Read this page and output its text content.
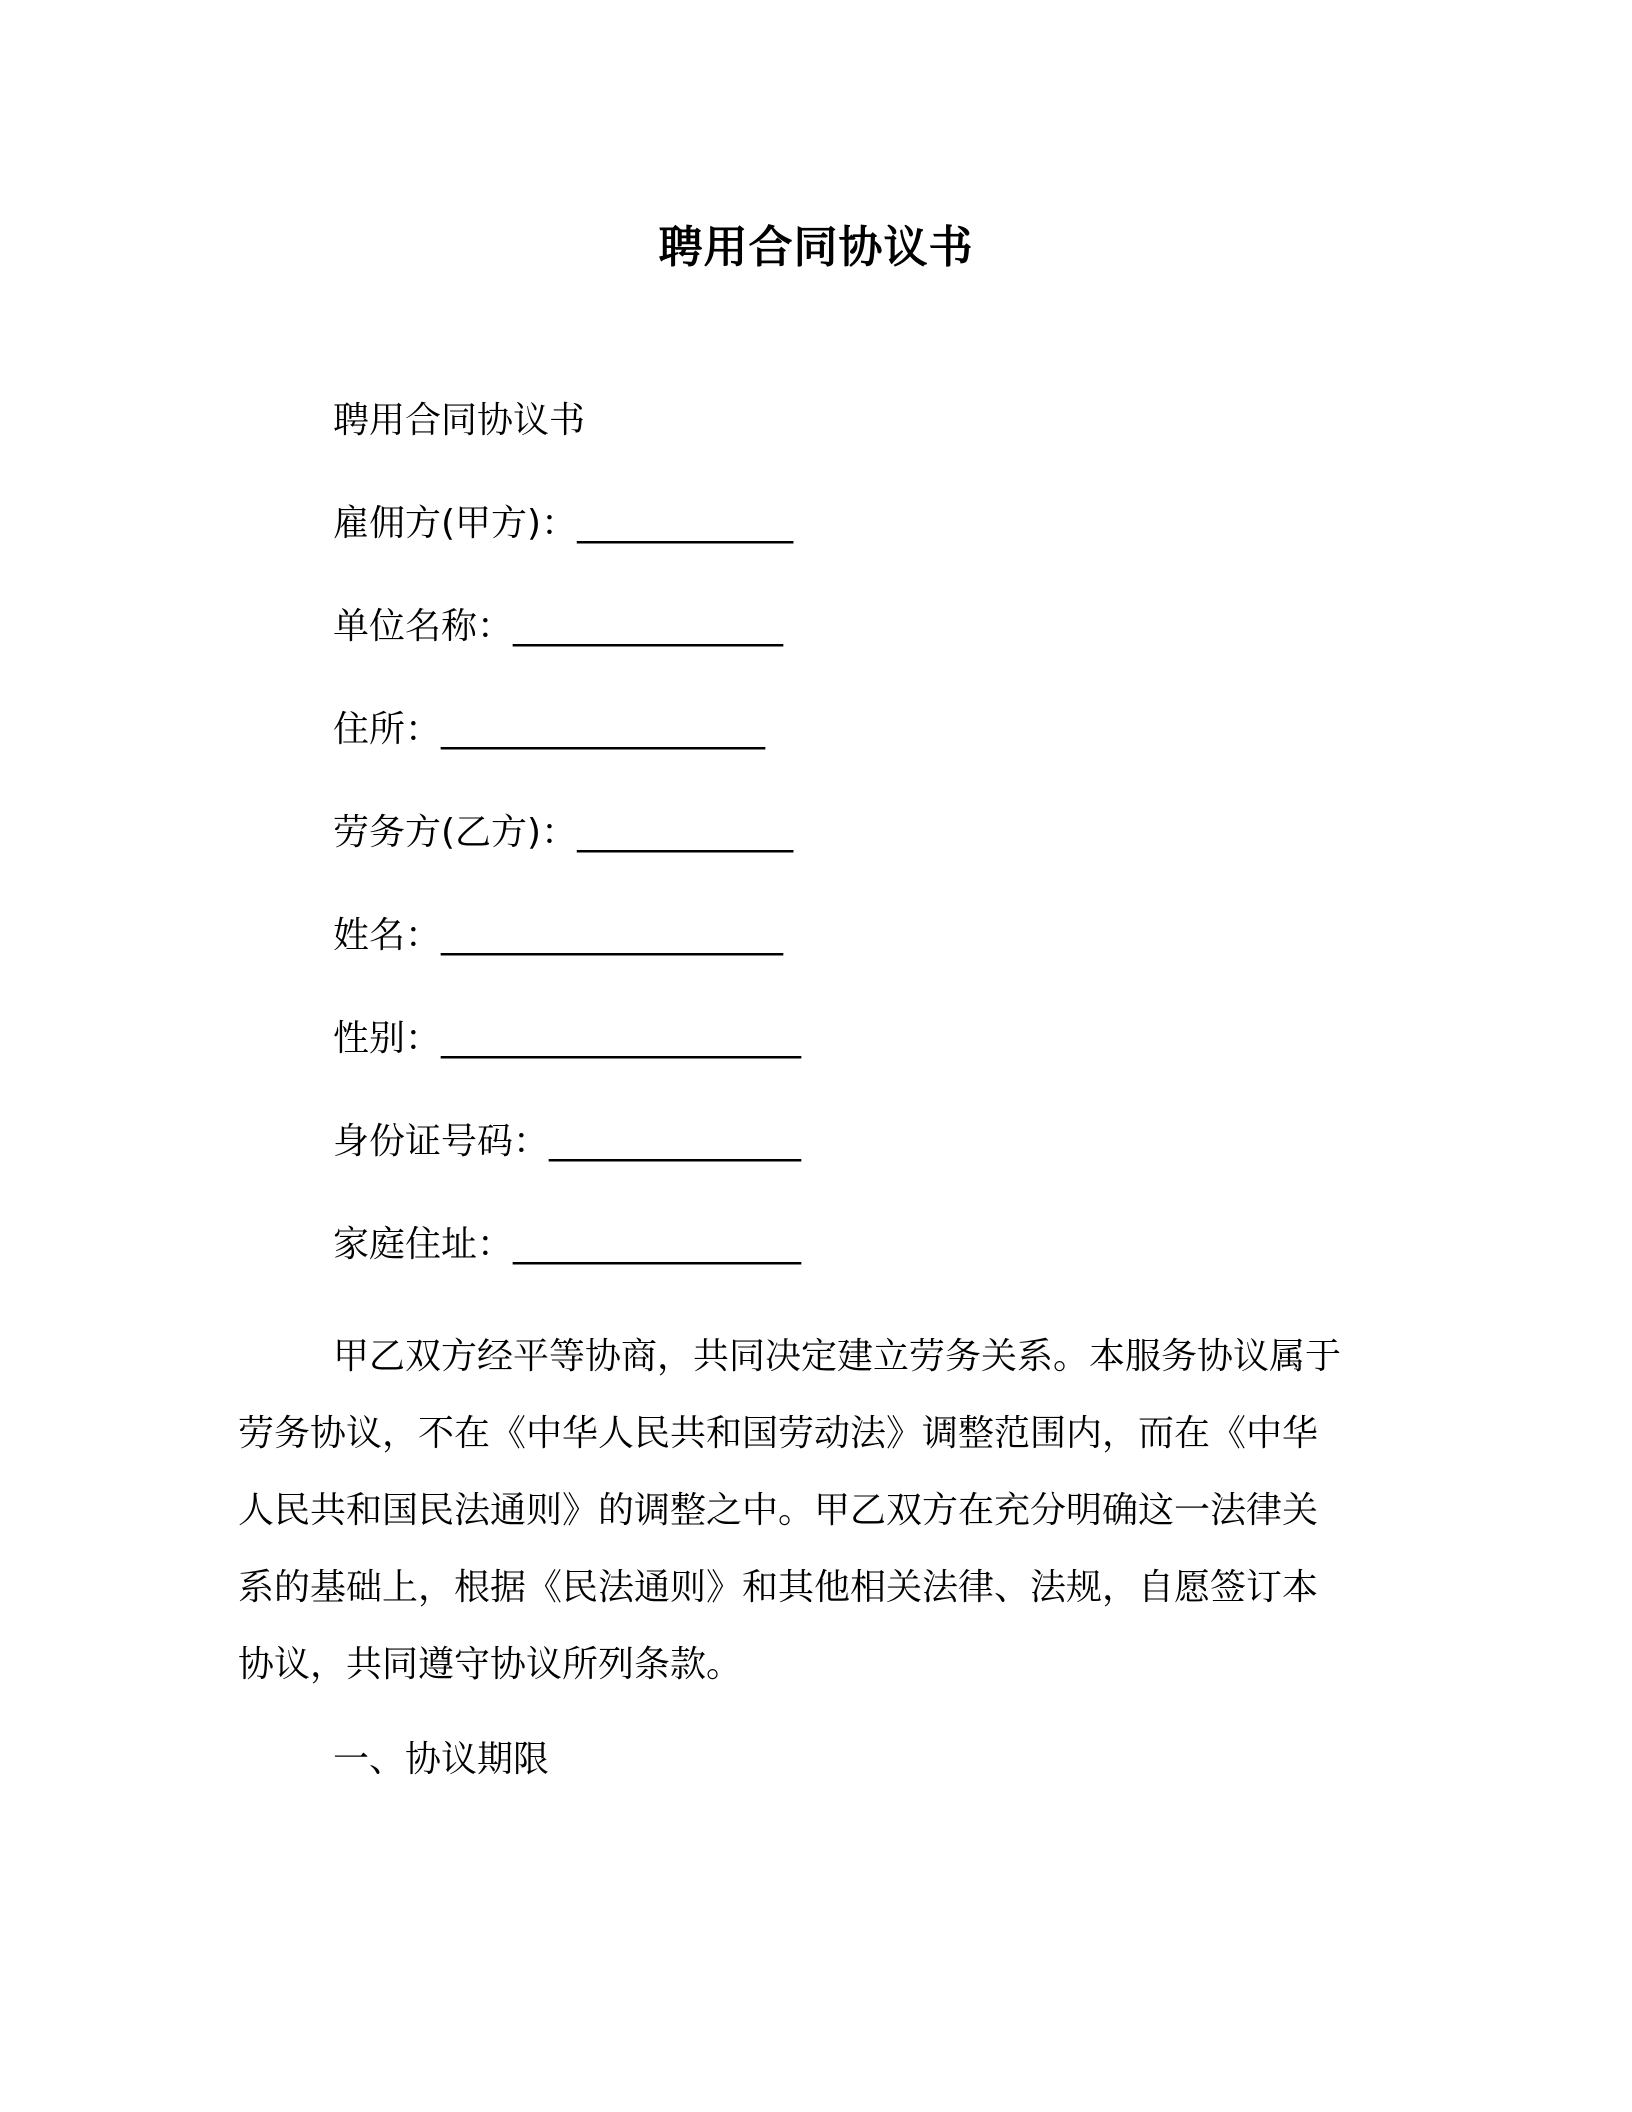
聘用合同协议书
聘用合同协议书
雇佣方(甲方)：____________
单位名称：_______________
住所：__________________
劳务方(乙方)：____________
姓名：___________________
性别：____________________
身份证号码：______________
家庭住址：________________
甲乙双方经平等协商，共同决定建立劳务关系。本服务协议属于
劳务协议，不在《中华人民共和国劳动法》调整范围内，而在《中华
人民共和国民法通则》的调整之中。甲乙双方在充分明确这一法律关
系的基础上，根据《民法通则》和其他相关法律、法规，自愿签订本
协议，共同遵守协议所列条款。
一、协议期限
